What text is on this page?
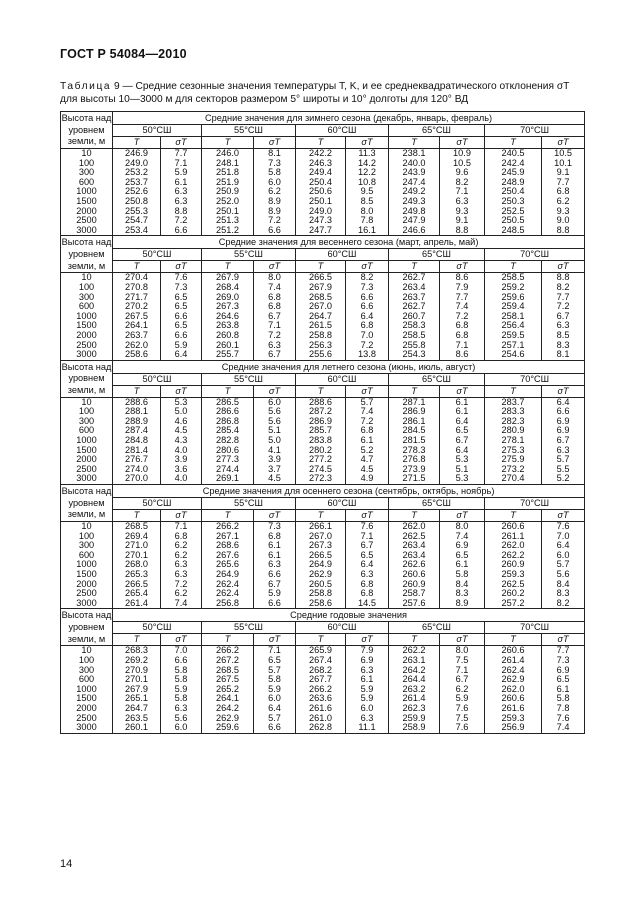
ГОСТ Р 54084—2010
Таблица 9 — Средние сезонные значения температуры T, K, и ее среднеквадратического отклонения σT для высоты 10—3000 м для секторов размером 5° широты и 10° долготы для 120° ВД
Высота над уровнем земли, м	Средние значения для зимнего сезона (декабрь, январь, февраль)									
	50°СШ		55°СШ		60°СШ		65°СШ		70°СШ	
	T	σT	T	σT	T	σT	T	σT	T	σT
10	246.9	7.7	246.0	8.1	242.2	11.3	238.1	10.9	240.5	10.5
100	249.0	7.1	248.1	7.3	246.3	14.2	240.0	10.5	242.4	10.1
300	253.2	5.9	251.8	5.8	249.4	12.2	243.9	9.6	245.9	9.1
600	253.7	6.1	251.9	6.0	250.4	10.8	247.4	8.2	248.9	7.7
1000	252.6	6.3	250.9	6.2	250.6	9.5	249.2	7.1	250.4	6.8
1500	250.8	6.3	252.0	8.9	250.1	8.5	249.3	6.3	250.3	6.2
2000	255.3	8.8	250.1	8.9	249.0	8.0	249.8	9.3	252.5	9.3
2500	254.7	7.2	251.3	7.2	247.3	7.8	247.9	9.1	250.5	9.0
3000	253.4	6.6	251.2	6.6	247.7	16.1	246.6	8.8	248.5	8.8
Высота над уровнем земли, м	Средние значения для весеннего сезона (март, апрель, май)									
	50°СШ		55°СШ		60°СШ		65°СШ		70°СШ	
	T	σT	T	σT	T	σT	T	σT	T	σT
10	270.4	7.6	267.9	8.0	266.5	8.2	262.7	8.6	258.5	8.8
100	270.8	7.3	268.4	7.4	267.9	7.3	263.4	7.9	259.2	8.2
300	271.7	6.5	269.0	6.8	268.5	6.6	263.7	7.7	259.6	7.7
600	270.2	6.5	267.3	6.8	267.0	6.6	262.7	7.4	259.4	7.2
1000	267.5	6.6	264.6	6.7	264.7	6.4	260.7	7.2	258.1	6.7
1500	264.1	6.5	263.8	7.1	261.5	6.8	258.3	6.8	256.4	6.3
2000	263.7	6.6	260.8	7.2	258.8	7.0	258.5	6.8	259.5	8.5
2500	262.0	5.9	260.1	6.3	256.3	7.2	255.8	7.1	257.1	8.3
3000	258.6	6.4	255.7	6.7	255.6	13.8	254.3	8.6	254.6	8.1
Высота над уровнем земли, м	Средние значения для летнего сезона (июнь, июль, август)									
	50°СШ		55°СШ		60°СШ		65°СШ		70°СШ	
	T	σT	T	σT	T	σT	T	σT	T	σT
10	288.6	5.3	286.5	6.0	288.6	5.7	287.1	6.1	283.7	6.4
100	288.1	5.0	286.6	5.6	287.2	7.4	286.9	6.1	283.3	6.6
300	288.9	4.6	286.8	5.6	286.9	7.2	286.1	6.4	282.3	6.9
600	287.4	4.5	285.4	5.1	285.7	6.8	284.5	6.5	280.9	6.9
1000	284.8	4.3	282.8	5.0	283.8	6.1	281.5	6.7	278.1	6.7
1500	281.4	4.0	280.6	4.1	280.2	5.2	278.3	6.4	275.3	6.3
2000	276.7	3.9	277.3	3.9	277.2	4.7	276.8	5.3	275.9	5.7
2500	274.0	3.6	274.4	3.7	274.5	4.5	273.9	5.1	273.2	5.5
3000	270.0	4.0	269.1	4.5	272.3	4.9	271.5	5.3	270.4	5.2
Высота над уровнем земли, м	Средние значения для осеннего сезона (сентябрь, октябрь, ноябрь)									
	50°СШ		55°СШ		60°СШ		65°СШ		70°СШ	
	T	σT	T	σT	T	σT	T	σT	T	σT
10	268.5	7.1	266.2	7.3	266.1	7.6	262.0	8.0	260.6	7.6
100	269.4	6.8	267.1	6.8	267.0	7.1	262.5	7.4	261.1	7.0
300	271.0	6.2	268.6	6.1	267.3	6.7	263.4	6.9	262.0	6.4
600	270.1	6.2	267.6	6.1	266.5	6.5	263.4	6.5	262.2	6.0
1000	268.0	6.3	265.6	6.3	264.9	6.4	262.6	6.1	260.9	5.7
1500	265.3	6.3	264.9	6.6	262.9	6.3	260.6	5.8	259.3	5.6
2000	266.5	7.2	262.4	6.7	260.5	6.8	260.9	8.4	262.5	8.4
2500	265.4	6.2	262.4	5.9	258.8	6.8	258.7	8.3	260.2	8.3
3000	261.4	7.4	256.8	6.6	258.6	14.5	257.6	8.9	257.2	8.2
Высота над уровнем земли, м	Средние годовые значения									
	50°СШ		55°СШ		60°СШ		65°СШ		70°СШ	
	T	σT	T	σT	T	σT	T	σT	T	σT
10	268.3	7.0	266.2	7.1	265.9	7.9	262.2	8.0	260.6	7.7
100	269.2	6.6	267.2	6.5	267.4	6.9	263.1	7.5	261.4	7.3
300	270.9	5.8	268.5	5.7	268.2	6.3	264.2	7.1	262.4	6.9
600	270.1	5.8	267.5	5.8	267.7	6.1	264.4	6.7	262.9	6.5
1000	267.9	5.9	265.2	5.9	266.2	5.9	263.2	6.2	262.0	6.1
1500	265.1	5.8	264.1	6.0	263.6	5.9	261.4	5.9	260.6	5.8
2000	264.7	6.3	264.2	6.4	261.6	6.0	262.3	7.6	261.6	7.8
2500	263.5	5.6	262.9	5.7	261.0	6.3	259.9	7.5	259.3	7.6
3000	260.1	6.0	259.6	6.6	262.8	11.1	258.9	7.6	256.9	7.4
14
